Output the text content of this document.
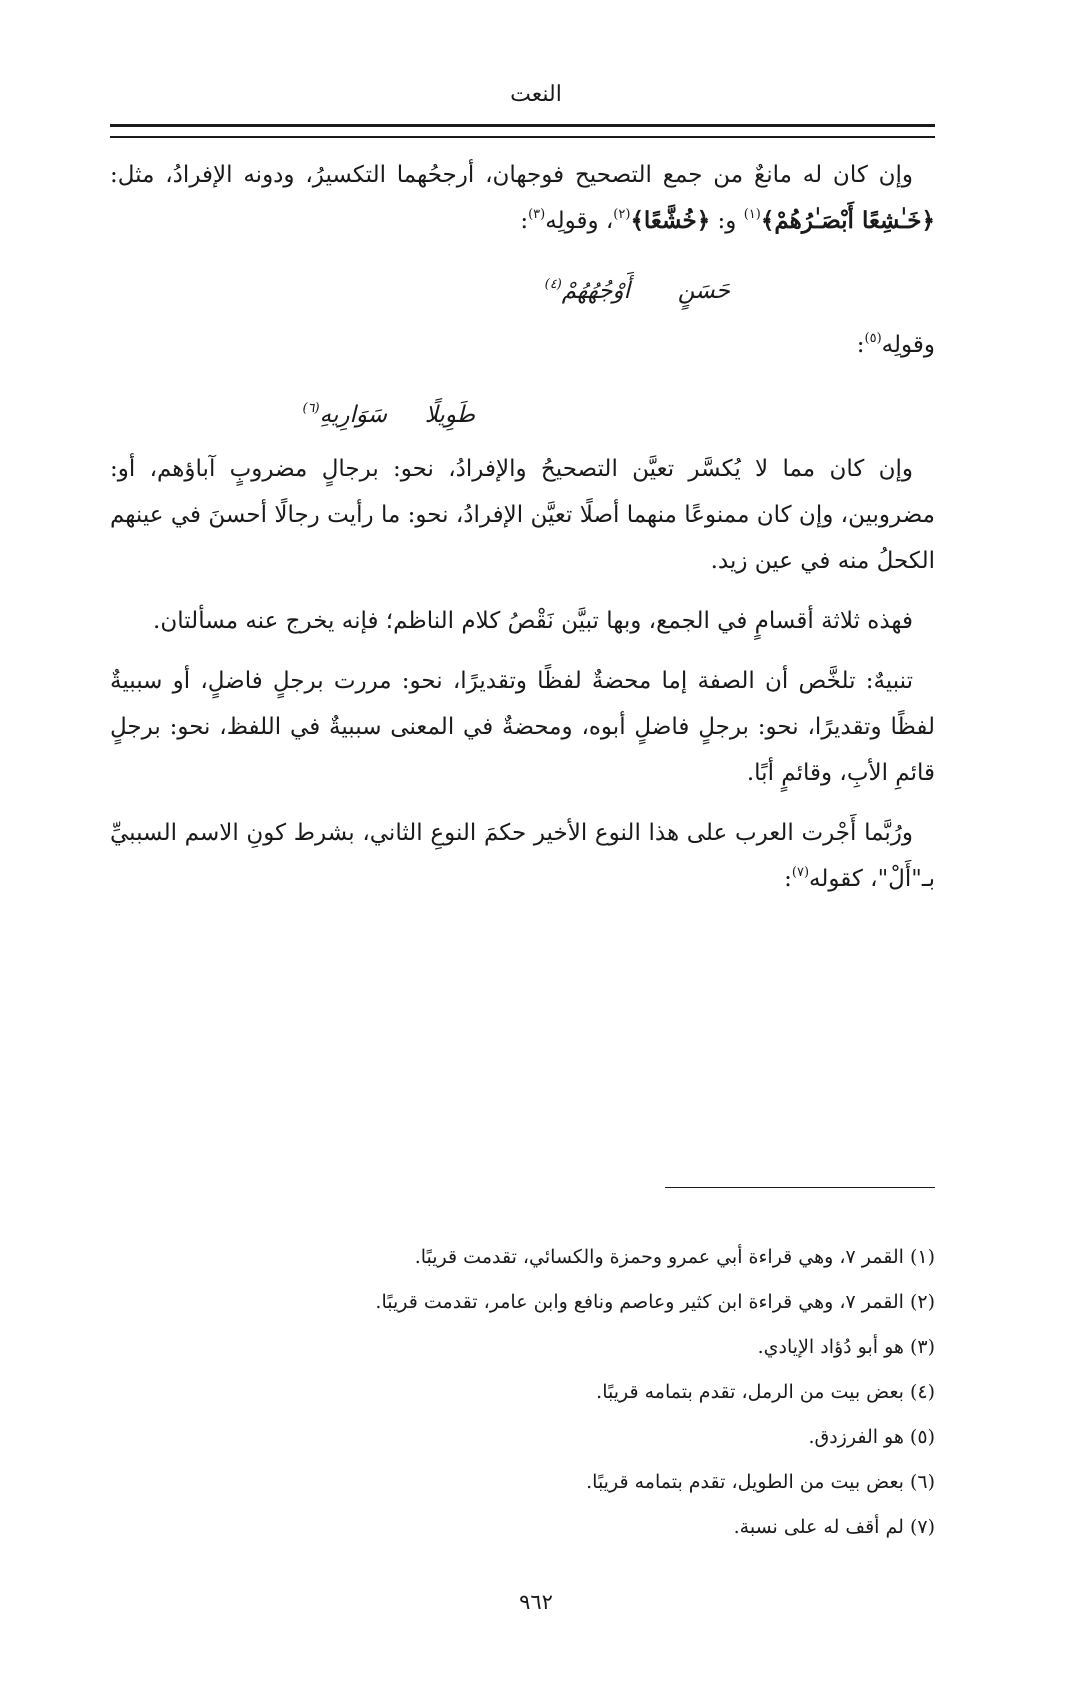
النعت

وإن كان له مانعٌ من جمع التصحيح فوجهان، أرجحُهما التكسيرُ، ودونه الإفرادُ، مثل: ﴿خَـٰشِعًا أَبْصَـٰرُهُمْ﴾$^{(١)}$ و: ﴿خُشَّعًا﴾$^{(٢)}$، وقولِه$^{(٣)}$:

حَسَنٍ
أَوْجُهُهُمْ$^{(٤)}$

وقولِه$^{(٥)}$:

طَوِيلًا
سَوَارِيهِ$^{(٦)}$

وإن كان مما لا يُكسَّر تعيَّن التصحيحُ والإفرادُ، نحو: برجالٍ مضروبٍ آباؤهم، أو: مضروبين، وإن كان ممنوعًا منهما أصلًا تعيَّن الإفرادُ، نحو: ما رأيت رجالًا أحسنَ في عينهم الكحلُ منه في عين زيد.

فهذه ثلاثة أقسامٍ في الجمع، وبها تبيَّن نَقْصُ كلام الناظم؛ فإنه يخرج عنه مسألتان.

تنبيهٌ: تلخَّص أن الصفة إما محضةٌ لفظًا وتقديرًا، نحو: مررت برجلٍ فاضلٍ، أو سببيةٌ لفظًا وتقديرًا، نحو: برجلٍ فاضلٍ أبوه، ومحضةٌ في المعنى سببيةٌ في اللفظ، نحو: برجلٍ قائمِ الأبِ، وقائمٍ أبًا.

ورُبَّما أَجْرت العرب على هذا النوع الأخير حكمَ النوعِ الثاني، بشرط كونِ الاسم السببيِّ بـ"أَلْ"، كقوله$^{(٧)}$:

(١) القمر ٧، وهي قراءة أبي عمرو وحمزة والكسائي، تقدمت قريبًا.
(٢) القمر ٧، وهي قراءة ابن كثير وعاصم ونافع وابن عامر، تقدمت قريبًا.
(٣) هو أبو دُؤاد الإيادي.
(٤) بعض بيت من الرمل، تقدم بتمامه قريبًا.
(٥) هو الفرزدق.
(٦) بعض بيت من الطويل، تقدم بتمامه قريبًا.
(٧) لم أقف له على نسبة.
٩٦٢
